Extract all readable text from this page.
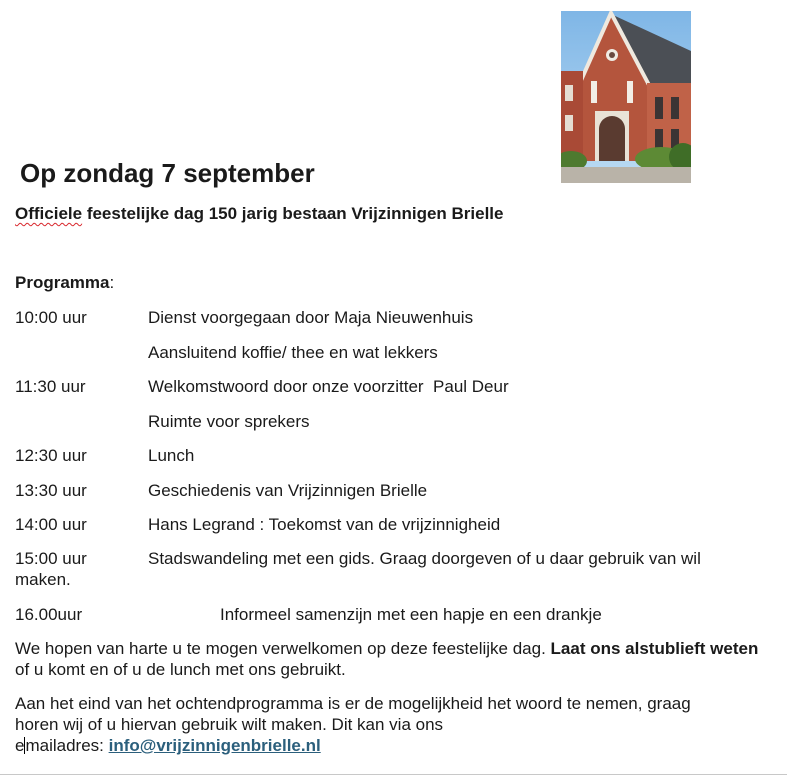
Op zondag 7 september
Officiele feestelijke dag 150 jarig bestaan Vrijzinnigen Brielle
Programma:
10:00 uur	Dienst voorgegaan door Maja Nieuwenhuis
Aansluitend koffie/ thee en wat lekkers
11:30 uur	Welkomstwoord door onze voorzitter  Paul Deur
Ruimte voor sprekers
12:30 uur	Lunch
13:30 uur	Geschiedenis van Vrijzinnigen Brielle
14:00 uur	Hans Legrand : Toekomst van de vrijzinnigheid
15:00 uur	Stadswandeling met een gids. Graag doorgeven of u daar gebruik van wil
maken.
16.00uur	Informeel samenzijn met een hapje en een drankje
We hopen van harte u te mogen verwelkomen op deze feestelijke dag. Laat ons alstublieft weten of u komt en of u de lunch met ons gebruikt.
Aan het eind van het ochtendprogramma is er de mogelijkheid het woord te nemen, graag
horen wij of u hiervan gebruik wilt maken. Dit kan via ons
emailadres: info@vrijzinnigenbrielle.nl
